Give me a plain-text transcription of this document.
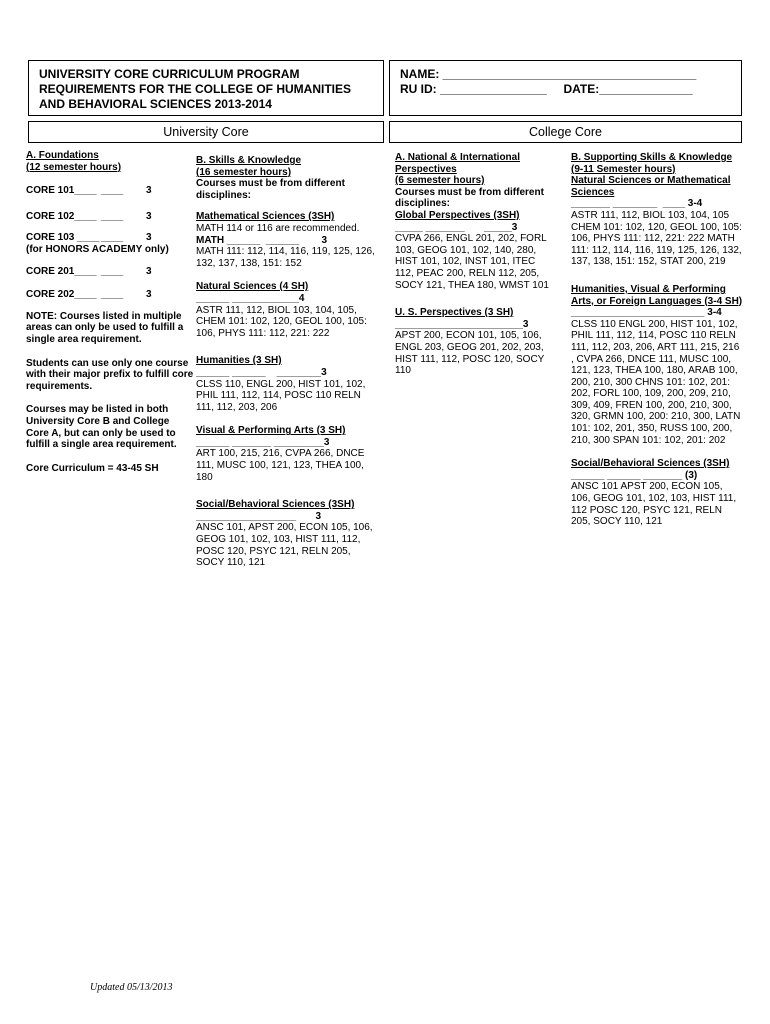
UNIVERSITY CORE CURRICULUM PROGRAM
REQUIREMENTS FOR THE COLLEGE OF HUMANITIES
AND BEHAVIORAL SCIENCES 2013-2014
NAME: ______________________________________
RU ID: ________________     DATE:______________
University Core	College Core

A. Foundations

(12 semester hours)

CORE 101____ ____	3
CORE 102____ ____	3
CORE 103 ____ ____	3

(for HONORS ACADEMY only)

CORE 201____ ____	3
CORE 202____ ____	3

NOTE: Courses listed in multiple areas can only be used to fulfill a single area requirement.

Students can use only one course with their major prefix to fulfill core requirements.

Courses may be listed in both University Core B and College Core A, but can only be used to fulfill a single area requirement.

Core Curriculum = 43-45 SH

B. Skills & Knowledge

(16 semester hours)

Courses must be from different disciplines:

Mathematical Sciences (3SH)

MATH 114 or 116 are recommended.

MATH ______  ______        3

MATH 111: 112, 114, 116, 119, 125, 126, 132, 137, 138, 151: 152

Natural Sciences (4 SH)

______ ____________4

ASTR 111, 112, BIOL 103, 104, 105, CHEM 101: 102, 120, GEOL 100, 105: 106, PHYS 111: 112, 221: 222

Humanities (3 SH)

______ ______    ________3

CLSS 110, ENGL 200, HIST 101, 102, PHIL 111, 112, 114, POSC 110 RELN 111, 112, 203, 206

Visual & Performing Arts (3 SH)

______ _______ _________3

ART 100, 215, 216, CVPA 266, DNCE 111, MUSC 100, 121, 123, THEA 100, 180

Social/Behavioral Sciences (3SH)

__________________       3

ANSC 101, APST 200, ECON 105, 106, GEOG 101, 102, 103, HIST 111, 112, POSC 120, PSYC 121, RELN 205, SOCY 110, 121

A. National & International Perspectives

(6 semester hours)

Courses must be from different disciplines:

Global Perspectives (3SH)

_____ _______       _____3

CVPA 266, ENGL 201, 202, FORL 103, GEOG 101, 102, 140, 280, HIST 101, 102, INST 101, ITEC 112, PEAC 200, RELN 112, 205, SOCY 121, THEA 180, WMST 101

U. S. Perspectives (3 SH)

_______________________3

APST 200, ECON 101, 105, 106, ENGL 203, GEOG 201, 202, 203, HIST 111, 112, POSC 120, SOCY 110

B. Supporting Skills & Knowledge

(9-11 Semester hours)

Natural Sciences or Mathematical Sciences

_______ ________  ____ 3-4

ASTR 111, 112, BIOL 103, 104, 105 CHEM 101: 102, 120, GEOL 100, 105: 106, PHYS 111: 112, 221: 222 MATH 111: 112, 114, 116, 119, 125, 126, 132, 137, 138, 151: 152, STAT 200, 219

Humanities, Visual & Performing Arts, or Foreign Languages (3-4 SH)

________________________ 3-4

CLSS 110 ENGL 200, HIST 101, 102, PHIL 111, 112, 114, POSC 110 RELN 111, 112, 203, 206, ART 111, 215, 216 , CVPA 266, DNCE 111, MUSC 100, 121, 123, THEA 100, 180, ARAB 100, 200, 210, 300 CHNS 101: 102, 201: 202, FORL 100, 109, 200, 209, 210, 309, 409, FREN 100, 200, 210, 300, 320, GRMN 100, 200: 210, 300, LATN 101: 102, 201, 350, RUSS 100, 200, 210, 300 SPAN 101: 102, 201: 202

Social/Behavioral Sciences (3SH)

______ ______ _______ (3)

ANSC 101 APST 200, ECON 105, 106, GEOG 101, 102, 103, HIST 111, 112 POSC 120, PSYC 121, RELN 205, SOCY 110, 121

Updated 05/13/2013
